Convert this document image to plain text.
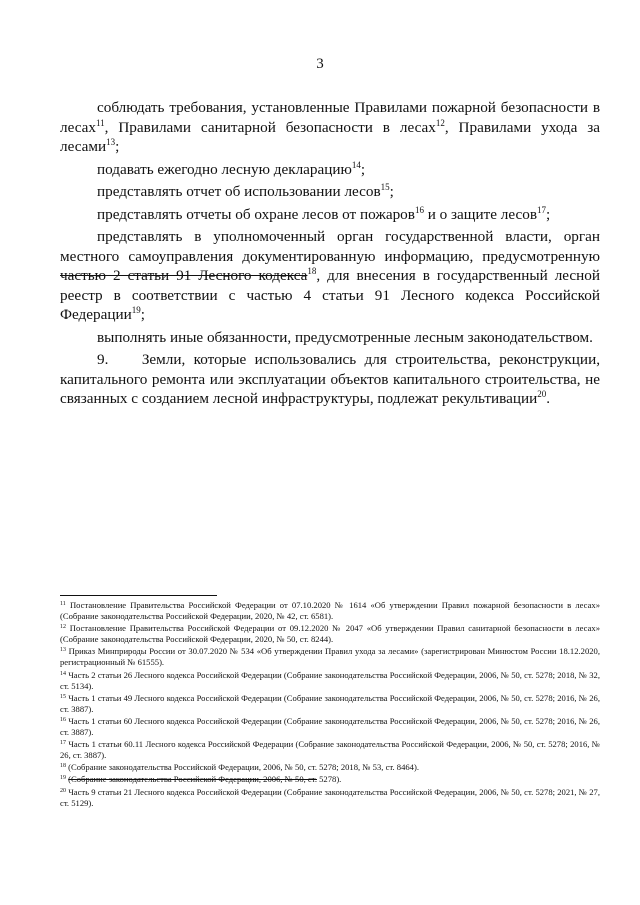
3

соблюдать требования, установленные Правилами пожарной безопасности в лесах$^{11}$, Правилами санитарной безопасности в лесах$^{12}$, Правилами ухода за лесами$^{13}$;

подавать ежегодно лесную декларацию$^{14}$;

представлять отчет об использовании лесов$^{15}$;

представлять отчеты об охране лесов от пожаров$^{16}$ и о защите лесов$^{17}$;

представлять в уполномоченный орган государственной власти, орган местного самоуправления документированную информацию, предусмотренную частью 2 статьи 91 Лесного кодекса$^{18}$, для внесения в государственный лесной реестр в соответствии с частью 4 статьи 91 Лесного кодекса Российской Федерации$^{19}$;

выполнять иные обязанности, предусмотренные лесным законодательством.

9.    Земли, которые использовались для строительства, реконструкции, капитального ремонта или эксплуатации объектов капитального строительства, не связанных с созданием лесной инфраструктуры, подлежат рекультивации$^{20}$.

$^{11}$ Постановление Правительства Российской Федерации от 07.10.2020 № 1614 «Об утверждении Правил пожарной безопасности в лесах» (Собрание законодательства Российской Федерации, 2020, № 42, ст. 6581).
$^{12}$ Постановление Правительства Российской Федерации от 09.12.2020 № 2047 «Об утверждении Правил санитарной безопасности в лесах» (Собрание законодательства Российской Федерации, 2020, № 50, ст. 8244).
$^{13}$ Приказ Минприроды России от 30.07.2020 № 534 «Об утверждении Правил ухода за лесами» (зарегистрирован Минюстом России 18.12.2020, регистрационный № 61555).
$^{14}$ Часть 2 статьи 26 Лесного кодекса Российской Федерации (Собрание законодательства Российской Федерации, 2006, № 50, ст. 5278; 2018, № 32, ст. 5134).
$^{15}$ Часть 1 статьи 49 Лесного кодекса Российской Федерации (Собрание законодательства Российской Федерации, 2006, № 50, ст. 5278; 2016, № 26, ст. 3887).
$^{16}$ Часть 1 статьи 60 Лесного кодекса Российской Федерации (Собрание законодательства Российской Федерации, 2006, № 50, ст. 5278; 2016, № 26, ст. 3887).
$^{17}$ Часть 1 статьи 60.11 Лесного кодекса Российской Федерации (Собрание законодательства Российской Федерации, 2006, № 50, ст. 5278; 2016, № 26, ст. 3887).
$^{18}$ (Собрание законодательства Российской Федерации, 2006, № 50, ст. 5278; 2018, № 53, ст. 8464).
$^{19}$ (Собрание законодательства Российской Федерации, 2006, № 50, ст. 5278).
$^{20}$ Часть 9 статьи 21 Лесного кодекса Российской Федерации (Собрание законодательства Российской Федерации, 2006, № 50, ст. 5278; 2021, № 27, ст. 5129).
